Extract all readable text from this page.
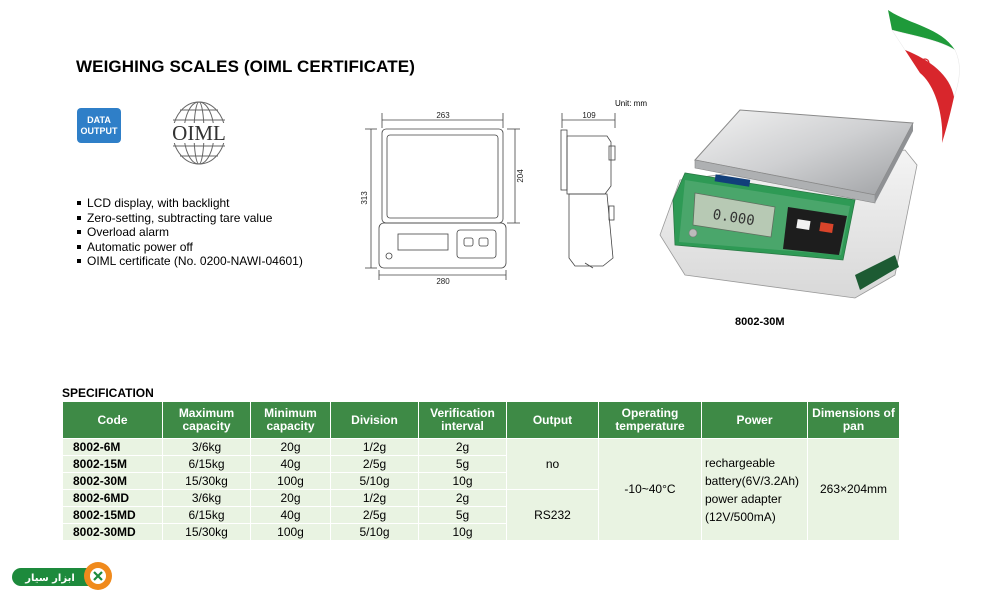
WEIGHING SCALES (OIML CERTIFICATE)
DATA
OUTPUT	OIML
LCD display, with backlight
Zero-setting, subtracting tare value
Overload alarm
Automatic power off
OIML certificate (No. 0200-NAWI-04601)
Unit: mm
263
280
313
204
109
0.000
8002-30M
SPECIFICATION
Code	Maximum capacity	Minimum capacity	Division	Verification interval	Output	Operating temperature	Power	Dimensions of pan
8002-6M	3/6kg	20g	1/2g	2g	no	-10~40°C	rechargeable
battery(6V/3.2Ah)
power adapter
(12V/500mA)	263×204mm
8002-15M	6/15kg	40g	2/5g	5g				
8002-30M	15/30kg	100g	5/10g	10g				
8002-6MD	3/6kg	20g	1/2g	2g	RS232			
8002-15MD	6/15kg	40g	2/5g	5g				
8002-30MD	15/30kg	100g	5/10g	10g				
ابزار سیار
